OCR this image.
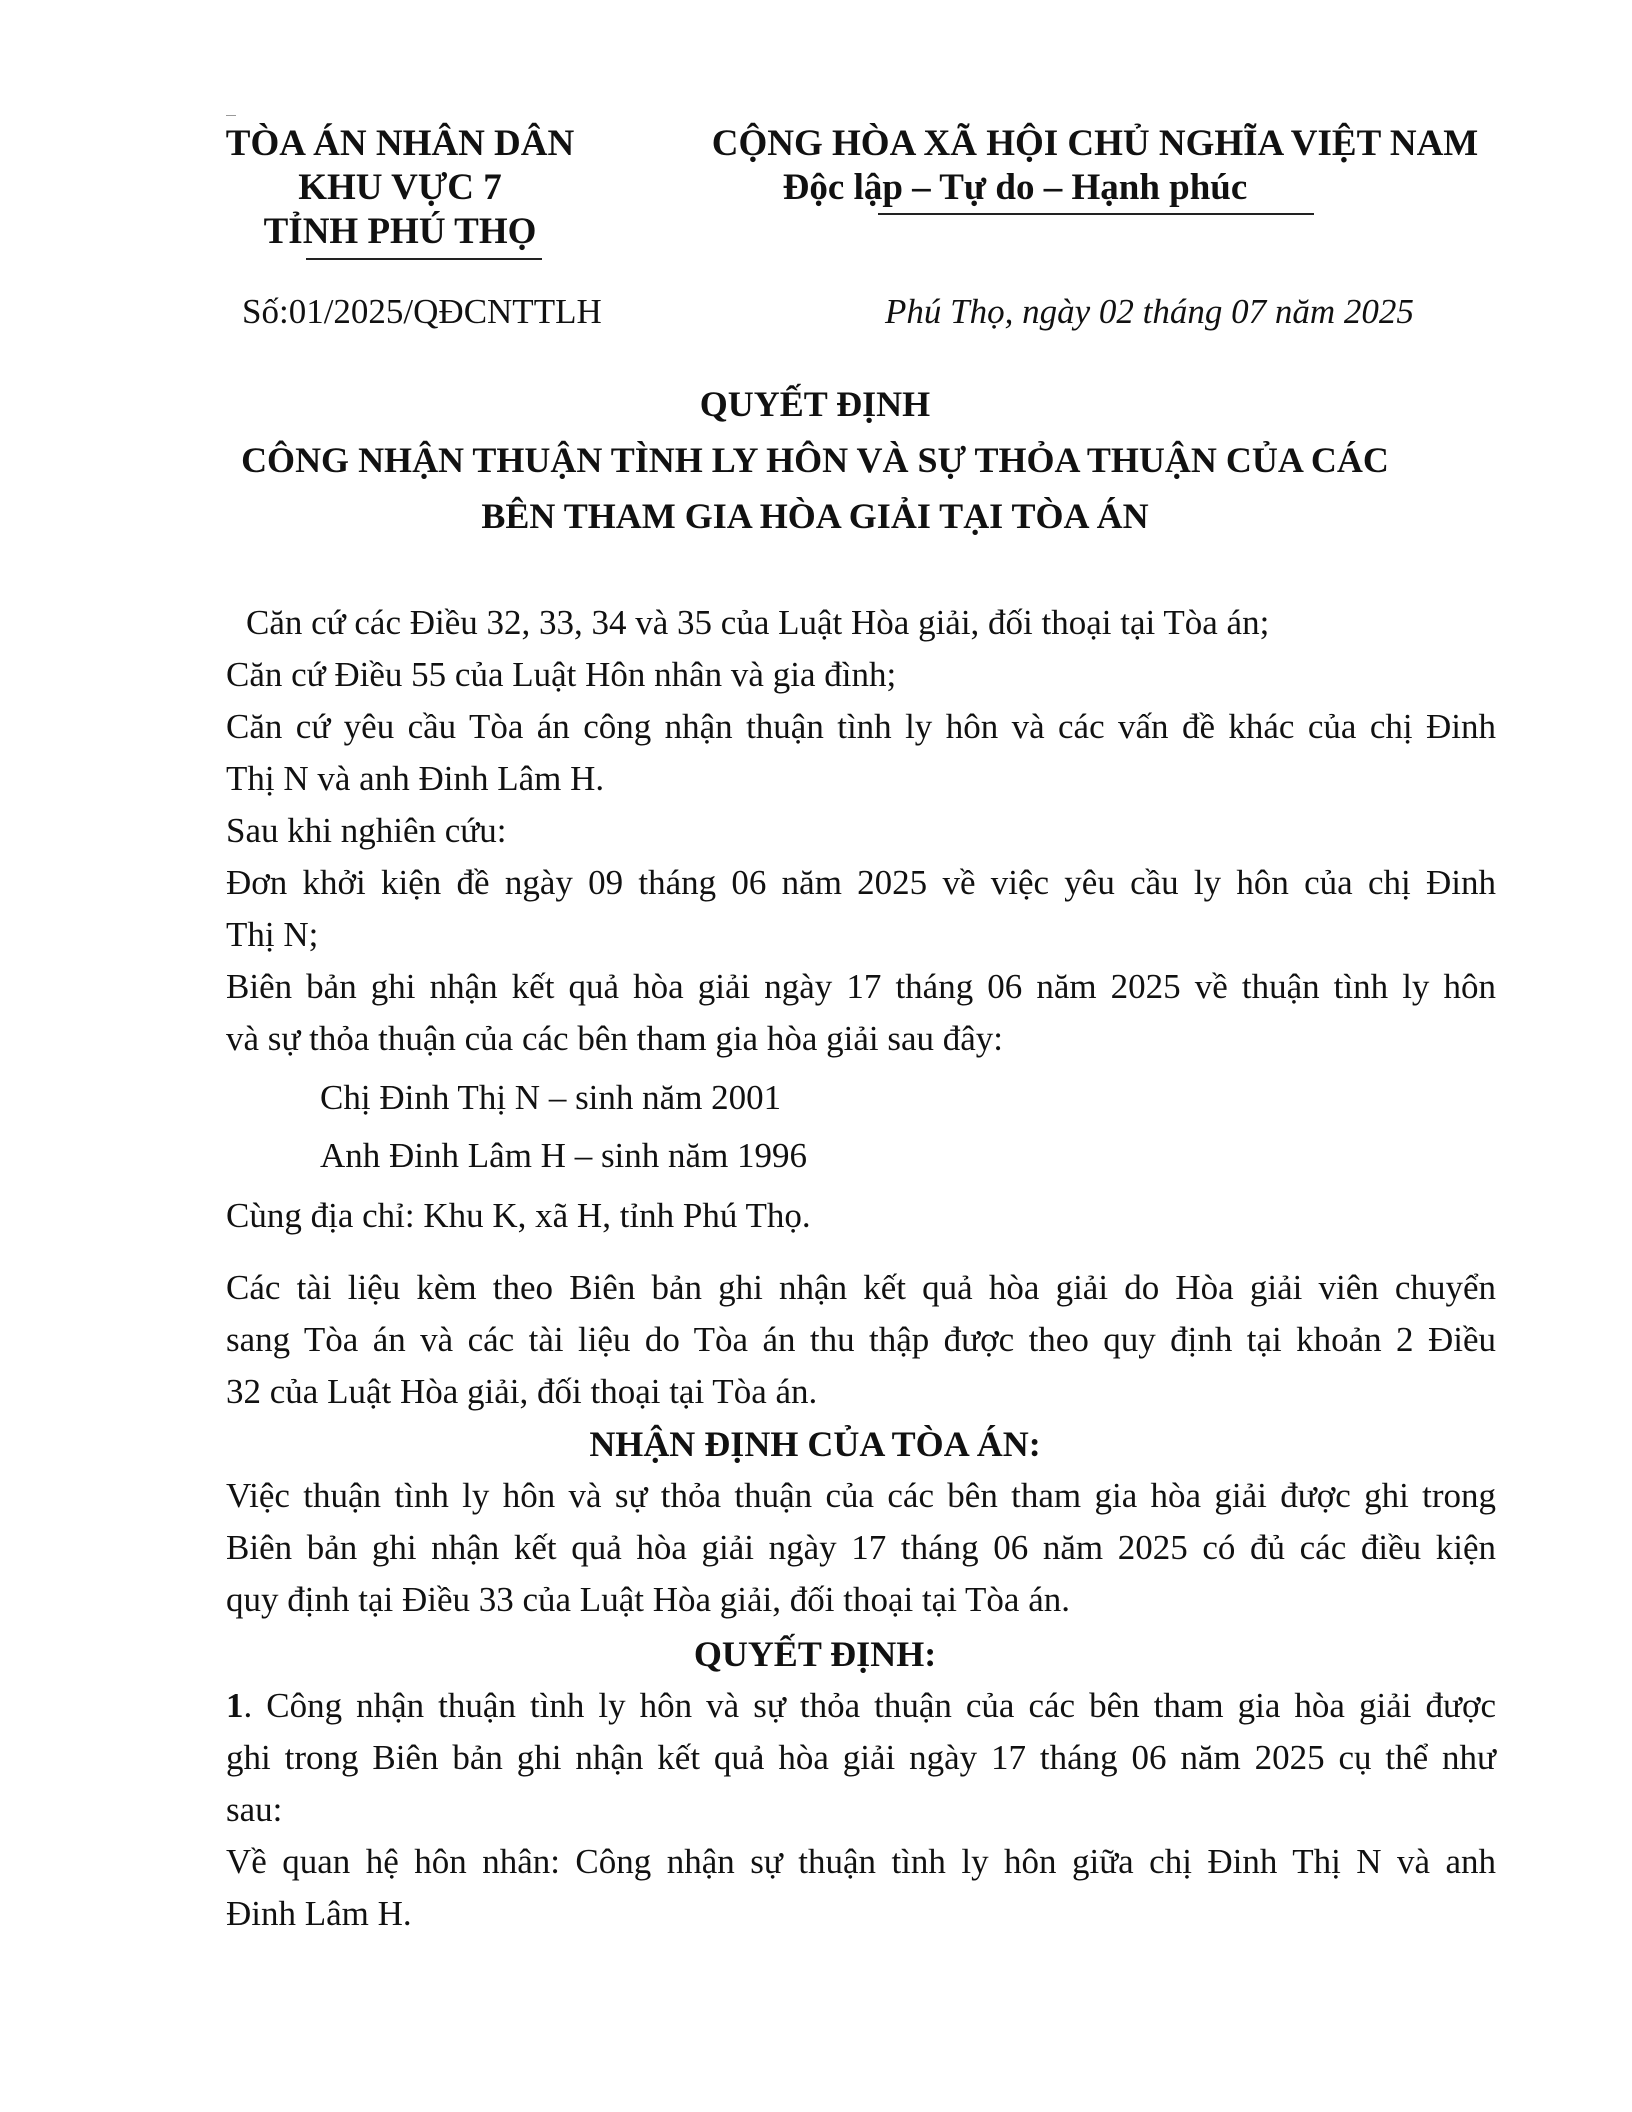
TÒA ÁN NHÂN DÂN
KHU VỰC 7
TỈNH PHÚ THỌ
CỘNG HÒA XÃ HỘI CHỦ NGHĨA VIỆT NAM
Độc lập – Tự do – Hạnh phúc
Số:01/2025/QĐCNTTLH	Phú Thọ, ngày 02 tháng 07 năm 2025
QUYẾT ĐỊNH
CÔNG NHẬN THUẬN TÌNH LY HÔN VÀ SỰ THỎA THUẬN CỦA CÁC
BÊN THAM GIA HÒA GIẢI TẠI TÒA ÁN
Căn cứ các Điều 32, 33, 34 và 35 của Luật Hòa giải, đối thoại tại Tòa án;
Căn cứ Điều 55 của Luật Hôn nhân và gia đình;
Căn cứ yêu cầu Tòa án công nhận thuận tình ly hôn và các vấn đề khác của chị Đinh
Thị N và anh Đinh Lâm H.
Sau khi nghiên cứu:
Đơn khởi kiện đề ngày 09 tháng 06 năm 2025 về việc yêu cầu ly hôn của chị Đinh
Thị N;
Biên bản ghi nhận kết quả hòa giải ngày 17 tháng 06 năm 2025 về thuận tình ly hôn
và sự thỏa thuận của các bên tham gia hòa giải sau đây:
Chị Đinh Thị N – sinh năm 2001
Anh Đinh Lâm H – sinh năm 1996
Cùng địa chỉ: Khu K, xã H, tỉnh Phú Thọ.
Các tài liệu kèm theo Biên bản ghi nhận kết quả hòa giải do Hòa giải viên chuyển
sang Tòa án và các tài liệu do Tòa án thu thập được theo quy định tại khoản 2 Điều
32 của Luật Hòa giải, đối thoại tại Tòa án.
NHẬN ĐỊNH CỦA TÒA ÁN:
Việc thuận tình ly hôn và sự thỏa thuận của các bên tham gia hòa giải được ghi trong
Biên bản ghi nhận kết quả hòa giải ngày 17 tháng 06 năm 2025 có đủ các điều kiện
quy định tại Điều 33 của Luật Hòa giải, đối thoại tại Tòa án.
QUYẾT ĐỊNH:
1. Công nhận thuận tình ly hôn và sự thỏa thuận của các bên tham gia hòa giải được
ghi trong Biên bản ghi nhận kết quả hòa giải ngày 17 tháng 06 năm 2025 cụ thể như
sau:
Về quan hệ hôn nhân: Công nhận sự thuận tình ly hôn giữa chị Đinh Thị N và anh
Đinh Lâm H.
